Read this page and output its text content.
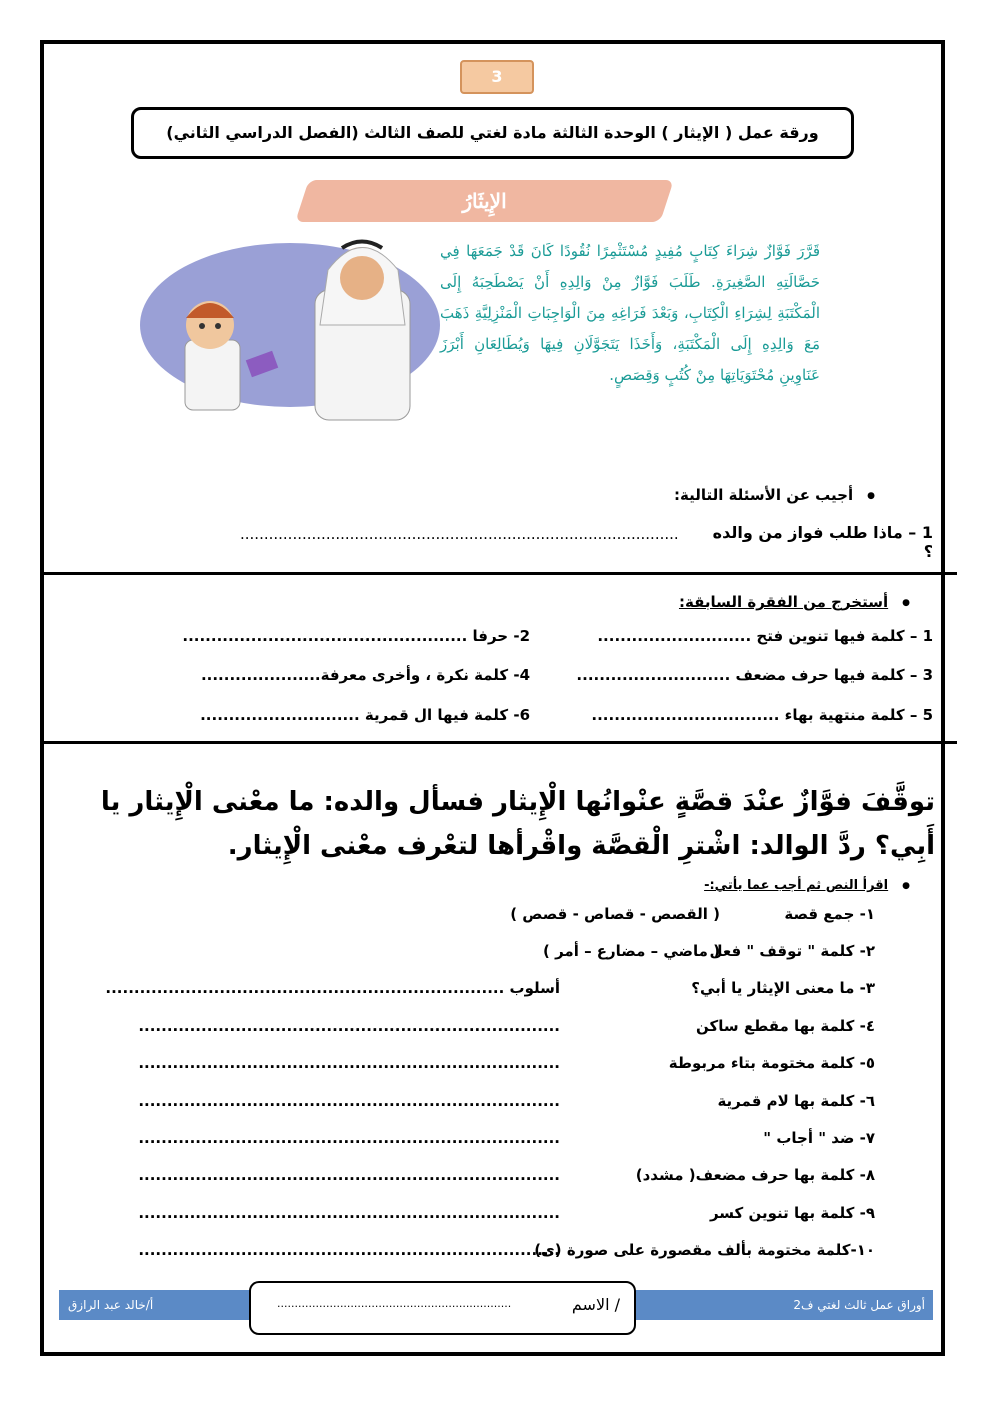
3
ورقة عمل ( الإيثار ) الوحدة الثالثة مادة لغتي للصف الثالث (الفصل الدراسي الثاني)
الإِيثَارُ
قَرَّرَ فَوَّازٌ شِرَاءَ كِتَابٍ مُفِيدٍ مُسْتَثْمِرًا نُقُودًا كَانَ قَدْ جَمَعَهَا فِي حَصَّالَتِهِ الصَّغِيرَةِ. طَلَبَ فَوَّازٌ مِنْ وَالِدِهِ أَنْ يَصْطَحِبَهُ إِلَى الْمَكْتَبَةِ لِشِرَاءِ الْكِتَابِ، وَبَعْدَ فَرَاغِهِ مِنَ الْوَاجِبَاتِ الْمَنْزِلِيَّةِ ذَهَبَ مَعَ وَالِدِهِ إِلَى الْمَكْتَبَةِ، وَأَخَذَا يَتَجَوَّلَانِ فِيهَا وَيُطَالِعَانِ أَبْرَزَ عَنَاوِينِ مُحْتَوَيَاتِهَا مِنْ كُتُبٍ وَقِصَصٍ.
● أجيب عن الأسئلة التالية:
1 – ماذا طلب فواز من والده ؟
............................................................................................
● أستخرج من الفقرة السابقة:
1 – كلمة فيها تنوين فتح ...........................
2- حرفا ..................................................
3 – كلمة فيها حرف مضعف ...........................
4- كلمة نكرة ، وأخرى معرفة.....................
5 – كلمة منتهية بهاء .................................
6- كلمة فيها ال قمرية ............................
توقَّفَ فوَّازٌ عنْدَ قصَّةٍ عنْوانُها الْإِيثار فسأل والده: ما معْنى الْإِيثار يا أَبِي؟ ردَّ الوالد: اشْترِ الْقصَّة واقْرأها لتعْرف معْنى الْإِيثار.
● اقرأ النص ثم أجب عما يأتي:-
١- جمع قصة
( القصص - قصاص - قصص )
٢- كلمة " توقف " فعل
( ماضي – مضارع – أمر )
٣- ما معنى الإيثار يا أبي؟
أسلوب ......................................................................
٤- كلمة بها مقطع ساكن
..........................................................................
٥- كلمة مختومة بتاء مربوطة
..........................................................................
٦- كلمة بها لام قمرية
..........................................................................
٧- ضد " أجاب "
..........................................................................
٨- كلمة بها حرف مضعف( مشدد)
..........................................................................
٩- كلمة بها تنوين كسر
..........................................................................
١٠-كلمة مختومة بألف مقصورة على صورة (ى)
..........................................................................
أوراق عمل ثالث لغتي ف2
أ/خالد عبد الرازق	الاسم /
...................................................................
